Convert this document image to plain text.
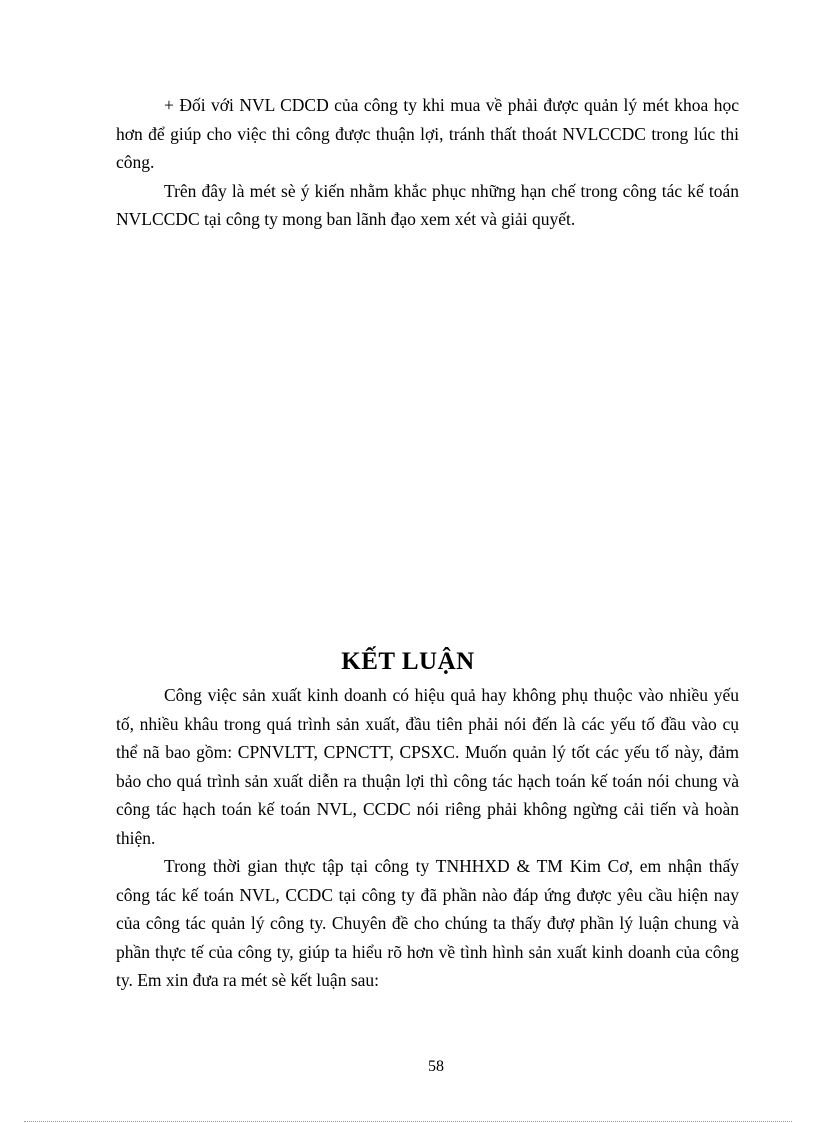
+ Đối với NVL CDCD của công ty khi mua về phải được quản lý mét khoa học hơn để giúp cho việc thi công được thuận lợi, tránh thất thoát NVLCCDC trong lúc thi công.

Trên đây là mét sè ý kiến nhằm khắc phục những hạn chế trong công tác kế toán NVLCCDC tại công ty mong ban lãnh đạo xem xét và giải quyết.

KẾT LUẬN

Công việc sản xuất kinh doanh có hiệu quả hay không phụ thuộc vào nhiều yếu tố, nhiều khâu trong quá trình sản xuất, đầu tiên phải nói đến là các yếu tố đầu vào cụ thể nã bao gồm: CPNVLTT, CPNCTT, CPSXC. Muốn quản lý tốt các yếu tố này, đảm bảo cho quá trình sản xuất diễn ra thuận lợi thì công tác hạch toán kế toán nói chung và công tác hạch toán kế toán NVL, CCDC nói riêng phải không ngừng cải tiến và hoàn thiện.

Trong thời gian thực tập tại công ty TNHHXD & TM Kim Cơ, em nhận thấy công tác kế toán NVL, CCDC tại công ty đã phần nào đáp ứng được yêu cầu hiện nay của công tác quản lý công ty. Chuyên đề cho chúng ta thấy đượ phần lý luận chung và phần thực tế của công ty, giúp ta hiểu rõ hơn về tình hình sản xuất kinh doanh của công ty. Em xin đưa ra mét sè kết luận sau:

58
